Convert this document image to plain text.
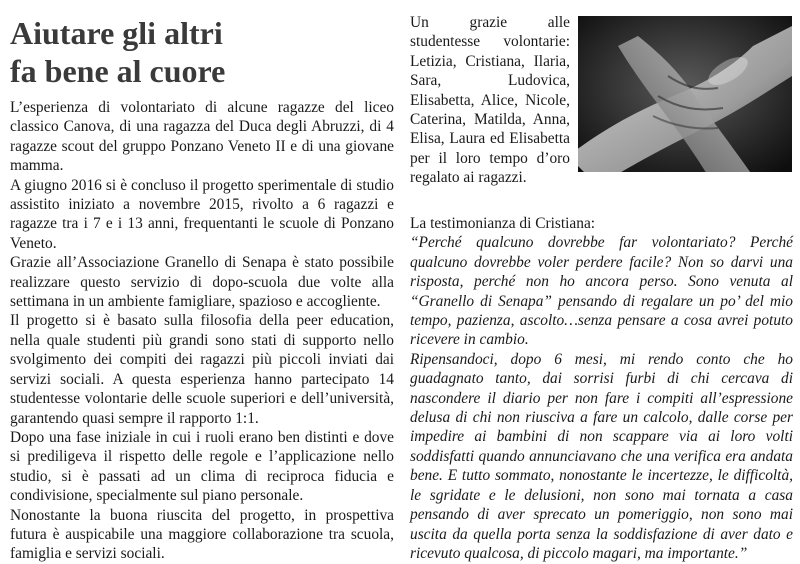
Aiutare gli altri
fa bene al cuore

L’esperienza di volontariato di alcune ragazze del liceo classico Canova, di una ragazza del Duca degli Abruzzi, di 4 ragazze scout del gruppo Ponzano Veneto II e di una giovane mamma.

A giugno 2016 si è concluso il progetto sperimentale di studio assistito iniziato a novembre 2015, rivolto a 6 ragazzi e ragazze tra i 7 e i 13 anni, frequentanti le scuole di Ponzano Veneto.

Grazie all’Associazione Granello di Senapa è stato possibile realizzare questo servizio di dopo-scuola due volte alla settimana in un ambiente famigliare, spazioso e accogliente.

Il progetto si è basato sulla filosofia della peer education, nella quale studenti più grandi sono stati di supporto nello svolgimento dei compiti dei ragazzi più piccoli inviati dai servizi sociali. A questa esperienza hanno partecipato 14 studentesse volontarie delle scuole superiori e dell’università, garantendo quasi sempre il rapporto 1:1.

Dopo una fase iniziale in cui i ruoli erano ben distinti e dove si prediligeva il rispetto delle regole e l’applicazione nello studio, si è passati ad un clima di reciproca fiducia e condivisione, specialmente sul piano personale.

Nonostante la buona riuscita del progetto, in prospettiva futura è auspicabile una maggiore collaborazione tra scuola, famiglia e servizi sociali.

Un grazie alle studentesse volontarie: Letizia, Cristiana, Ilaria, Sara, Ludovica, Elisabetta, Alice, Nicole, Caterina, Matilda, Anna, Elisa, Laura ed Elisabetta per il loro tempo d’oro regalato ai ragazzi.

La testimonianza di Cristiana:

“Perché qualcuno dovrebbe far volontariato? Perché qualcuno dovrebbe voler perdere facile? Non so darvi una risposta, perché non ho ancora perso. Sono venuta al “Granello di Senapa” pensando di regalare un po’ del mio tempo, pazienza, ascolto…senza pensare a cosa avrei potuto ricevere in cambio.

Ripensandoci, dopo 6 mesi, mi rendo conto che ho guadagnato tanto, dai sorrisi furbi di chi cercava di nascondere il diario per non fare i compiti all’espressione delusa di chi non riusciva a fare un calcolo, dalle corse per impedire ai bambini di non scappare via ai loro volti soddisfatti quando annunciavano che una verifica era andata bene. E tutto sommato, nonostante le incertezze, le difficoltà, le sgridate e le delusioni, non sono mai tornata a casa pensando di aver sprecato un pomeriggio, non sono mai uscita da quella porta senza la soddisfazione di aver dato e ricevuto qualcosa, di piccolo magari, ma importante.”
